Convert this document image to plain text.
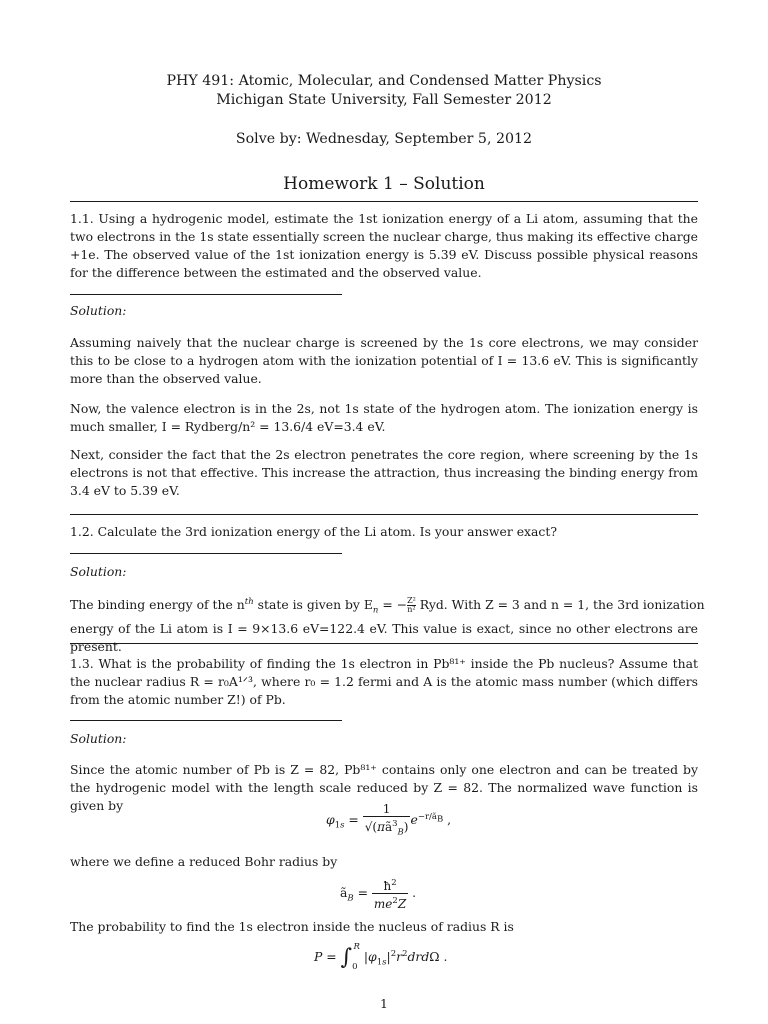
PHY 491: Atomic, Molecular, and Condensed Matter Physics
Michigan State University, Fall Semester 2012
Solve by: Wednesday, September 5, 2012
Homework 1 – Solution
1.1. Using a hydrogenic model, estimate the 1st ionization energy of a Li atom, assuming that the two electrons in the 1s state essentially screen the nuclear charge, thus making its effective charge +1e. The observed value of the 1st ionization energy is 5.39 eV. Discuss possible physical reasons for the difference between the estimated and the observed value.
Solution:
Assuming naively that the nuclear charge is screened by the 1s core electrons, we may consider this to be close to a hydrogen atom with the ionization potential of I = 13.6 eV. This is significantly more than the observed value.
Now, the valence electron is in the 2s, not 1s state of the hydrogen atom. The ionization energy is much smaller, I = Rydberg/n² = 13.6/4 eV=3.4 eV.
Next, consider the fact that the 2s electron penetrates the core region, where screening by the 1s electrons is not that effective. This increase the attraction, thus increasing the binding energy from 3.4 eV to 5.39 eV.
1.2. Calculate the 3rd ionization energy of the Li atom. Is your answer exact?
Solution:
The binding energy of the $n^{th}$ state is given by $E_n$ = − $\frac{\text{Z²}}{\text{n²}}$ Ryd. With Z = 3 and n = 1, the 3rd ionization
energy of the Li atom is I = 9×13.6 eV=122.4 eV. This value is exact, since no other electrons are present.
1.3. What is the probability of finding the 1s electron in Pb⁸¹⁺ inside the Pb nucleus? Assume that the nuclear radius R = r₀A¹ᐟ³, where r₀ = 1.2 fermi and A is the atomic mass number (which differs from the atomic number Z!) of Pb.
Solution:
Since the atomic number of Pb is Z = 82, Pb⁸¹⁺ contains only one electron and can be treated by the hydrogenic model with the length scale reduced by Z = 82. The normalized wave function is given by
$\varphi_{1s} = \frac{1}{√(\pi ã^3_B)} e^{-r/ã_B}$ ,
where we define a reduced Bohr radius by
$ã_B = \frac{ħ^2}{me^2Z}$ .
The probability to find the 1s electron inside the nucleus of radius R is
$P = \int_0^R$ $|\varphi_{1s}|^2r^2drd\Omega$ .
1
